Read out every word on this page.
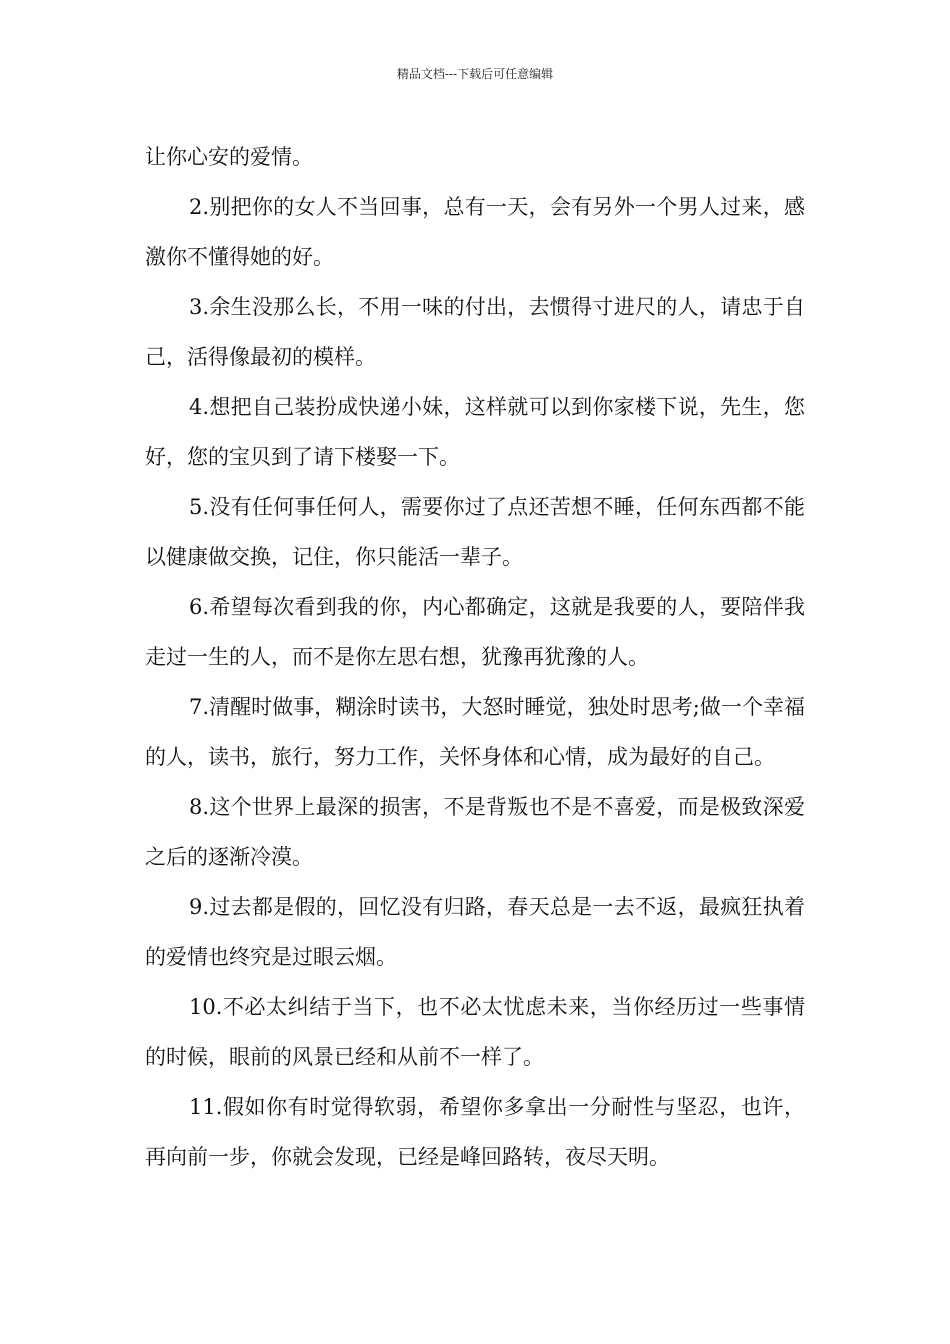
精品文档---下载后可任意编辑

让你心安的爱情。

2.别把你的女人不当回事，总有一天，会有另外一个男人过来，感激你不懂得她的好。

3.余生没那么长，不用一味的付出，去惯得寸进尺的人，请忠于自己，活得像最初的模样。

4.想把自己装扮成快递小妹，这样就可以到你家楼下说，先生，您好，您的宝贝到了请下楼娶一下。

5.没有任何事任何人，需要你过了点还苦想不睡，任何东西都不能以健康做交换，记住，你只能活一辈子。

6.希望每次看到我的你，内心都确定，这就是我要的人，要陪伴我走过一生的人，而不是你左思右想，犹豫再犹豫的人。

7.清醒时做事，糊涂时读书，大怒时睡觉，独处时思考;做一个幸福的人，读书，旅行，努力工作，关怀身体和心情，成为最好的自己。

8.这个世界上最深的损害，不是背叛也不是不喜爱，而是极致深爱之后的逐渐冷漠。

9.过去都是假的，回忆没有归路，春天总是一去不返，最疯狂执着的爱情也终究是过眼云烟。

10.不必太纠结于当下，也不必太忧虑未来，当你经历过一些事情的时候，眼前的风景已经和从前不一样了。

11.假如你有时觉得软弱，希望你多拿出一分耐性与坚忍，也许，再向前一步，你就会发现，已经是峰回路转，夜尽天明。
